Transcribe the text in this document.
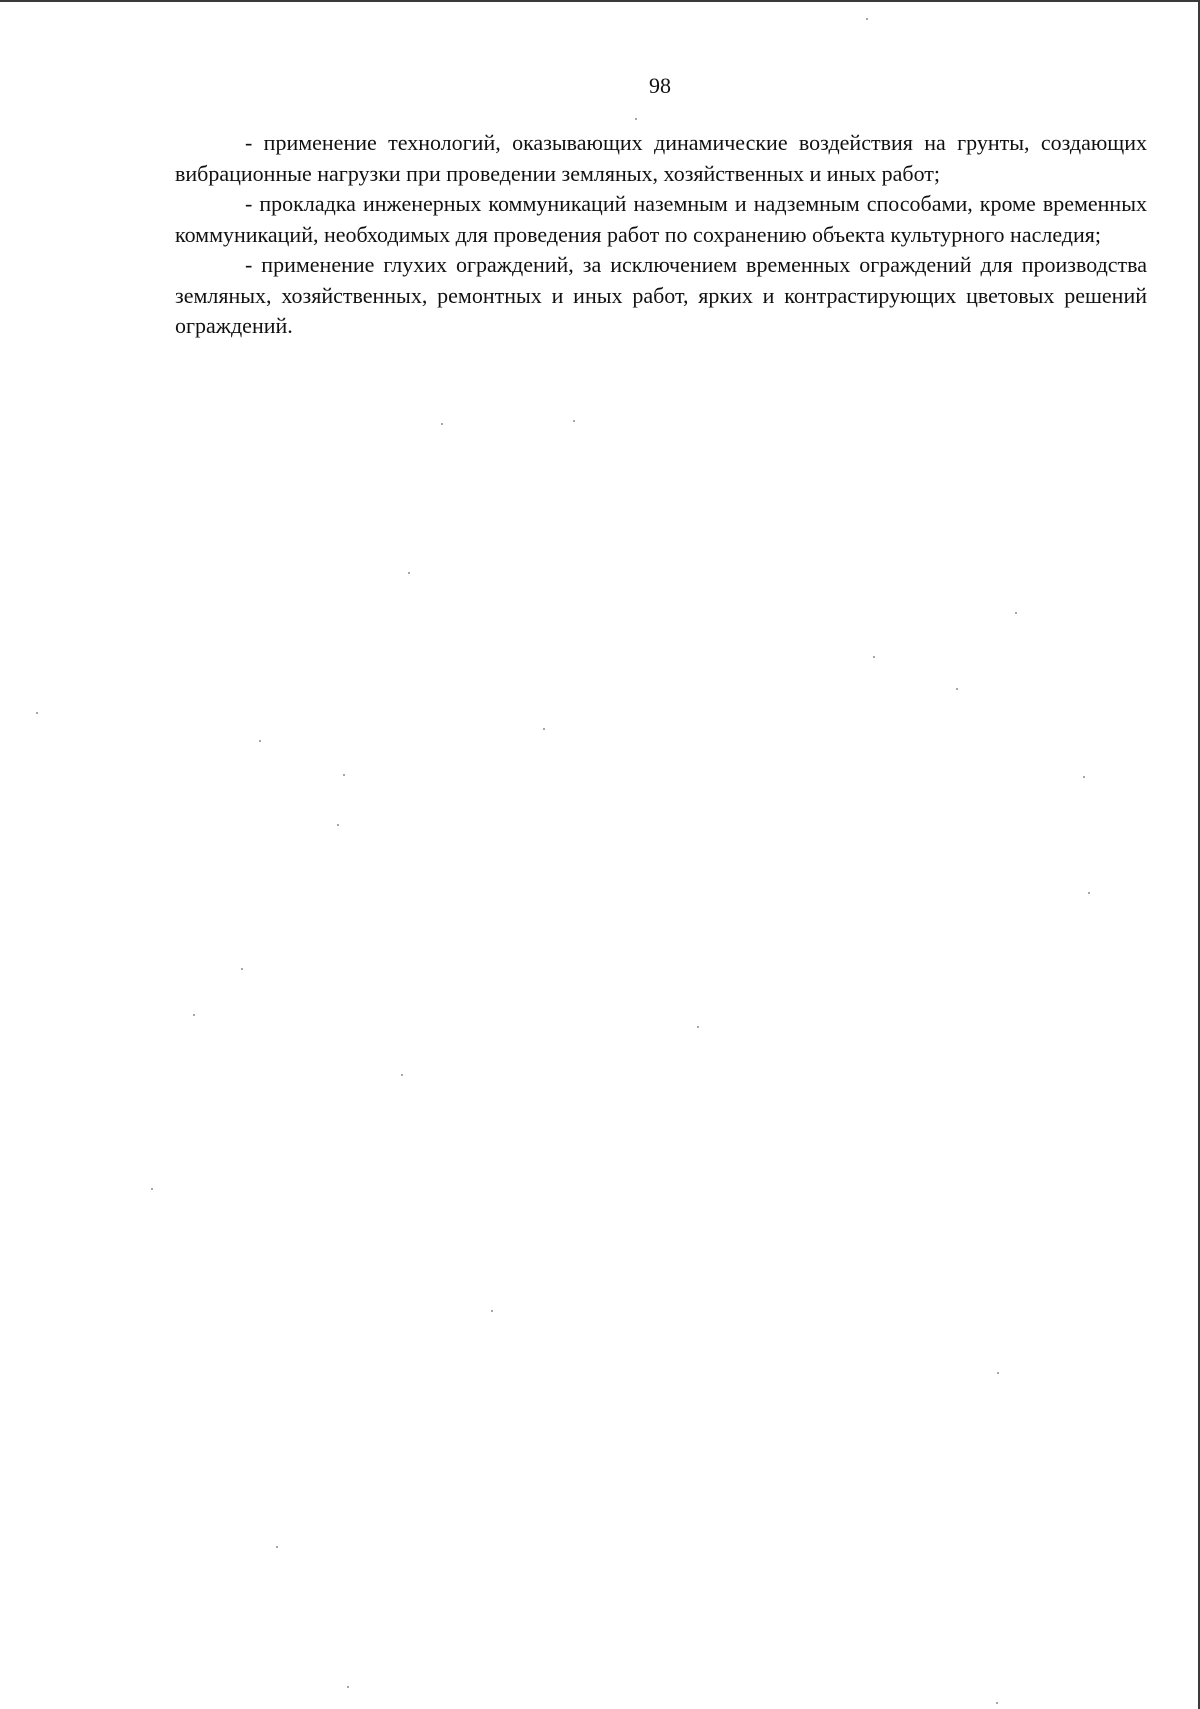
98

- применение технологий, оказывающих динамические воздействия на грунты, создающих вибрационные нагрузки при проведении земляных, хозяйственных и иных работ;

- прокладка инженерных коммуникаций наземным и надземным способами, кроме временных коммуникаций, необходимых для проведения работ по сохранению объекта культурного наследия;

- применение глухих ограждений, за исключением временных ограждений для производства земляных, хозяйственных, ремонтных и иных работ, ярких и контрастирующих цветовых решений ограждений.
